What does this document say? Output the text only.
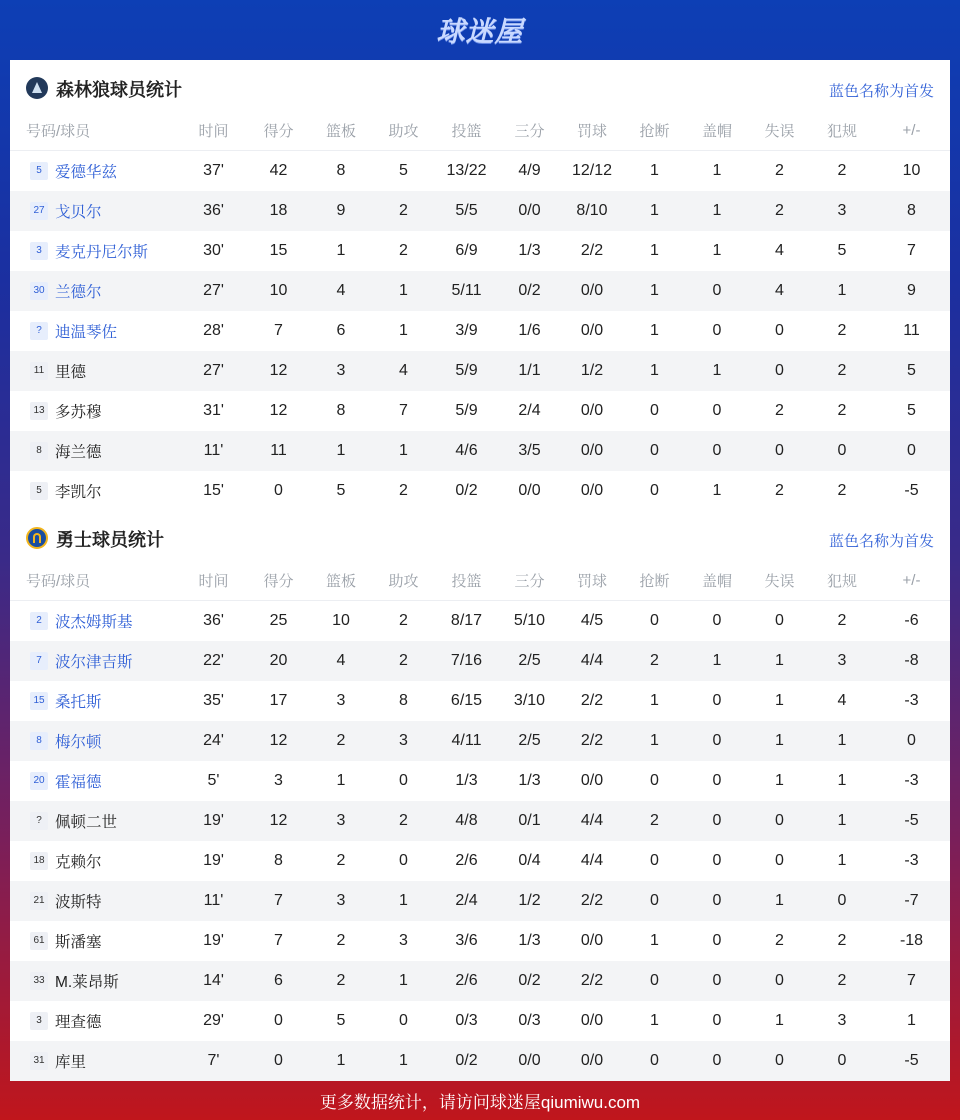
球迷屋
森林狼球员统计	蓝色名称为首发
号码/球员	时间	得分	篮板	助攻	投篮	三分	罚球	抢断	盖帽	失误	犯规	+/-
5 爱德华兹	37'	42	8	5	13/22	4/9	12/12	1	1	2	2	10
27 戈贝尔	36'	18	9	2	5/5	0/0	8/10	1	1	2	3	8
3 麦克丹尼尔斯	30'	15	1	2	6/9	1/3	2/2	1	1	4	5	7
30 兰德尔	27'	10	4	1	5/11	0/2	0/0	1	0	4	1	9
? 迪温琴佐	28'	7	6	1	3/9	1/6	0/0	1	0	0	2	11
11 里德	27'	12	3	4	5/9	1/1	1/2	1	1	0	2	5
13 多苏穆	31'	12	8	7	5/9	2/4	0/0	0	0	2	2	5
8 海兰德	11'	11	1	1	4/6	3/5	0/0	0	0	0	0	0
5 李凯尔	15'	0	5	2	0/2	0/0	0/0	0	1	2	2	-5
勇士球员统计	蓝色名称为首发
号码/球员	时间	得分	篮板	助攻	投篮	三分	罚球	抢断	盖帽	失误	犯规	+/-
2 波杰姆斯基	36'	25	10	2	8/17	5/10	4/5	0	0	0	2	-6
7 波尔津吉斯	22'	20	4	2	7/16	2/5	4/4	2	1	1	3	-8
15 桑托斯	35'	17	3	8	6/15	3/10	2/2	1	0	1	4	-3
8 梅尔顿	24'	12	2	3	4/11	2/5	2/2	1	0	1	1	0
20 霍福德	5'	3	1	0	1/3	1/3	0/0	0	0	1	1	-3
? 佩顿二世	19'	12	3	2	4/8	0/1	4/4	2	0	0	1	-5
18 克赖尔	19'	8	2	0	2/6	0/4	4/4	0	0	0	1	-3
21 波斯特	11'	7	3	1	2/4	1/2	2/2	0	0	1	0	-7
61 斯潘塞	19'	7	2	3	3/6	1/3	0/0	1	0	2	2	-18
33 M.莱昂斯	14'	6	2	1	2/6	0/2	2/2	0	0	0	2	7
3 理查德	29'	0	5	0	0/3	0/3	0/0	1	0	1	3	1
31 库里	7'	0	1	1	0/2	0/0	0/0	0	0	0	0	-5
更多数据统计，请访问球迷屋qiumiwu.com
